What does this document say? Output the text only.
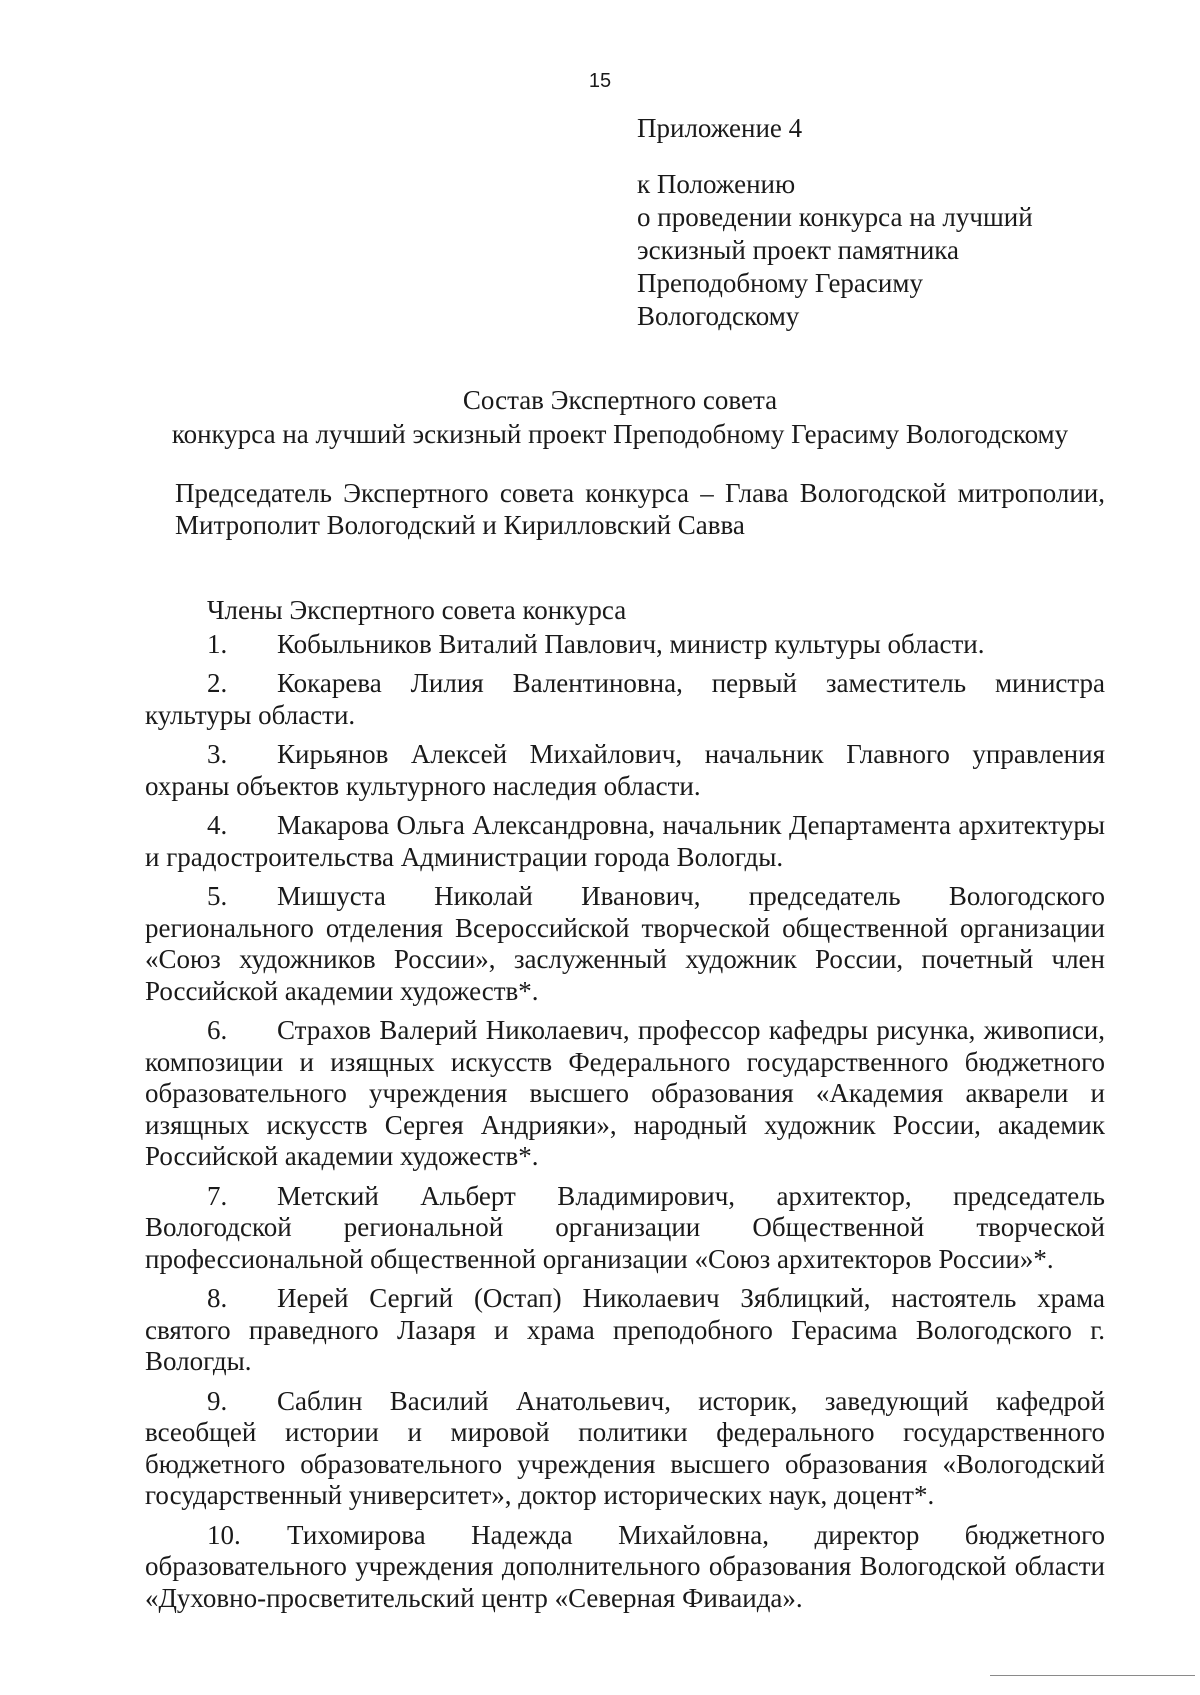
15
Приложение 4
к Положению
о проведении конкурса на лучший
эскизный проект памятника
Преподобному Герасиму
Вологодскому
Состав Экспертного совета
конкурса на лучший эскизный проект Преподобному Герасиму Вологодскому
Председатель Экспертного совета конкурса – Глава Вологодской митрополии, Митрополит Вологодский и Кирилловский Савва
Члены Экспертного совета конкурса
1. Кобыльников Виталий Павлович, министр культуры области.
2. Кокарева Лилия Валентиновна, первый заместитель министра культуры области.
3. Кирьянов Алексей Михайлович, начальник Главного управления охраны объектов культурного наследия области.
4. Макарова Ольга Александровна, начальник Департамента архитектуры и градостроительства Администрации города Вологды.
5. Мишуста Николай Иванович, председатель Вологодского регионального отделения Всероссийской творческой общественной организации «Союз художников России», заслуженный художник России, почетный член Российской академии художеств*.
6. Страхов Валерий Николаевич, профессор кафедры рисунка, живописи, композиции и изящных искусств Федерального государственного бюджетного образовательного учреждения высшего образования «Академия акварели и изящных искусств Сергея Андрияки», народный художник России, академик Российской академии художеств*.
7. Метский Альберт Владимирович, архитектор, председатель Вологодской региональной организации Общественной творческой профессиональной общественной организации «Союз архитекторов России»*.
8. Иерей Сергий (Остап) Николаевич Зяблицкий, настоятель храма святого праведного Лазаря и храма преподобного Герасима Вологодского г. Вологды.
9. Саблин Василий Анатольевич, историк, заведующий кафедрой всеобщей истории и мировой политики федерального государственного бюджетного образовательного учреждения высшего образования «Вологодский государственный университет», доктор исторических наук, доцент*.
10. Тихомирова Надежда Михайловна, директор бюджетного образовательного учреждения дополнительного образования Вологодской области «Духовно-просветительский центр «Северная Фиваида».
